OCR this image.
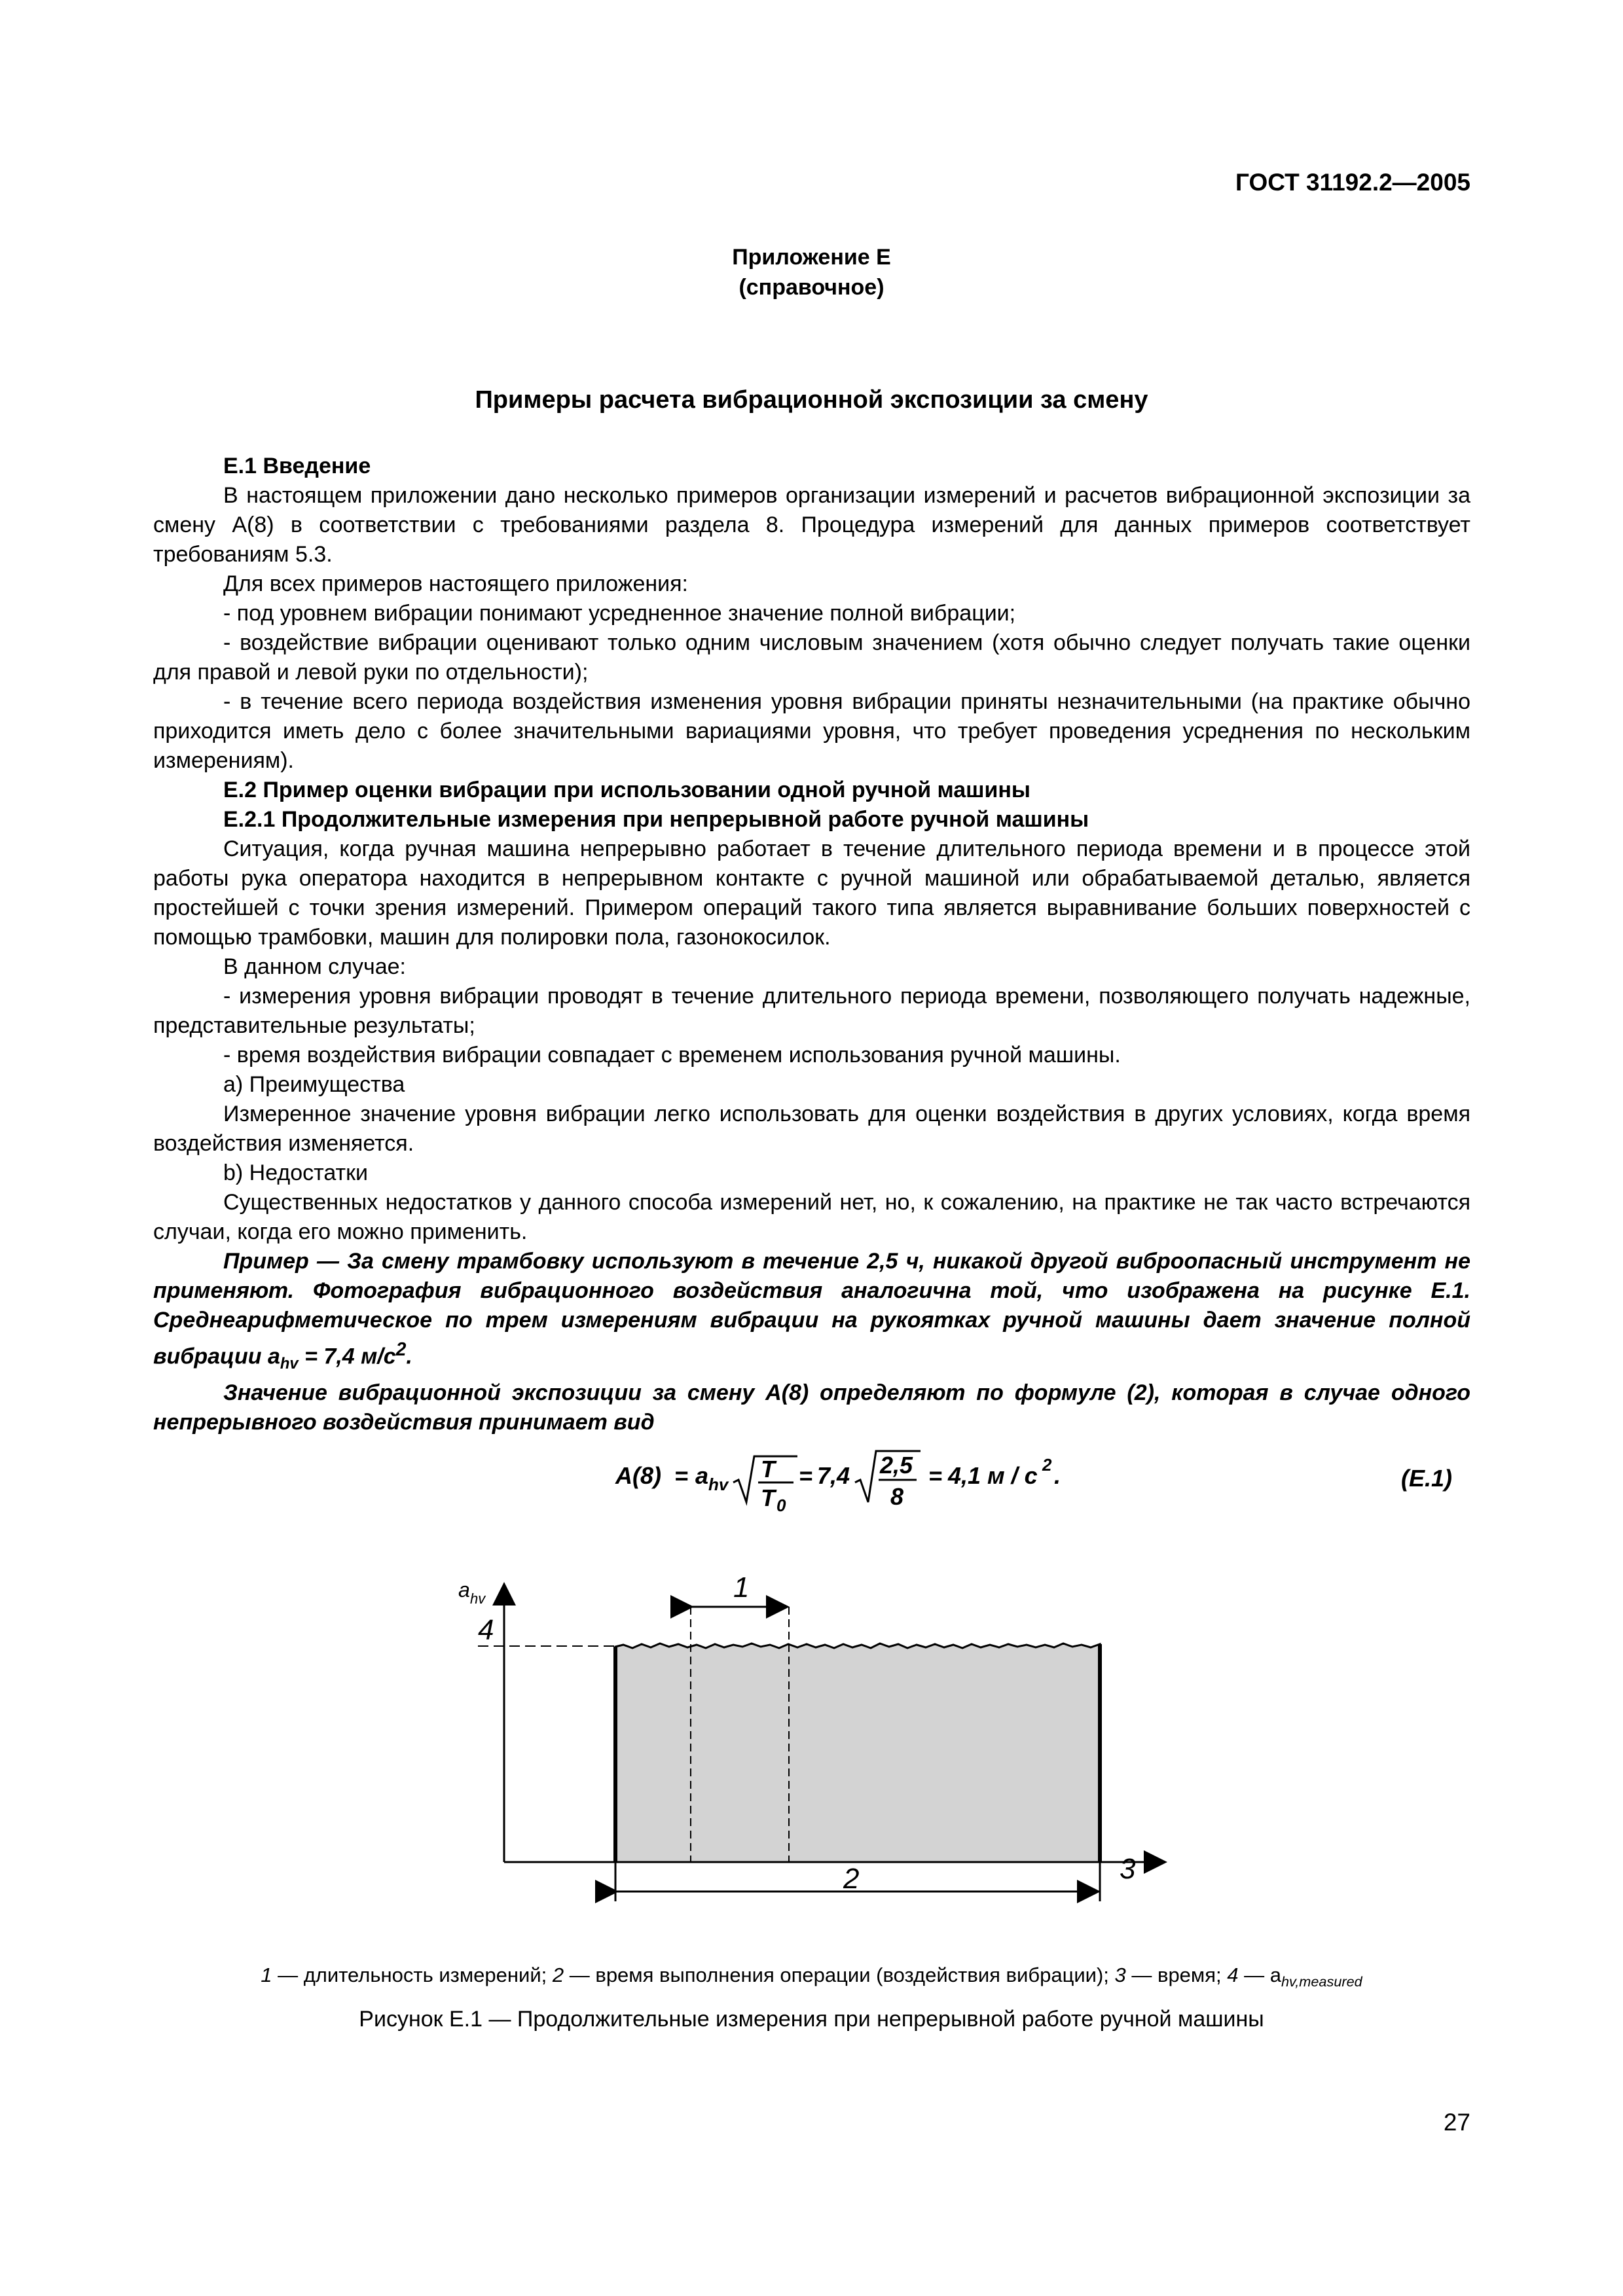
ГОСТ 31192.2—2005
Приложение Е
(справочное)
Примеры расчета вибрационной экспозиции за смену

Е.1 Введение

В настоящем приложении дано несколько примеров организации измерений и расчетов вибрационной экспозиции за смену A(8) в соответствии с требованиями раздела 8. Процедура измерений для данных примеров соответствует требованиям 5.3.

Для всех примеров настоящего приложения:

- под уровнем вибрации понимают усредненное значение полной вибрации;

- воздействие вибрации оценивают только одним числовым значением (хотя обычно следует получать такие оценки для правой и левой руки по отдельности);

- в течение всего периода воздействия изменения уровня вибрации приняты незначительными (на практике обычно приходится иметь дело с более значительными вариациями уровня, что требует проведения усреднения по нескольким измерениям).

Е.2 Пример оценки вибрации при использовании одной ручной машины

Е.2.1 Продолжительные измерения при непрерывной работе ручной машины

Ситуация, когда ручная машина непрерывно работает в течение длительного периода времени и в процессе этой работы рука оператора находится в непрерывном контакте с ручной машиной или обрабатываемой деталью, является простейшей с точки зрения измерений. Примером операций такого типа является выравнивание больших поверхностей с помощью трамбовки, машин для полировки пола, газонокосилок.

В данном случае:

- измерения уровня вибрации проводят в течение длительного периода времени, позволяющего получать надежные, представительные результаты;

- время воздействия вибрации совпадает с временем использования ручной машины.

a) Преимущества

Измеренное значение уровня вибрации легко использовать для оценки воздействия в других условиях, когда время воздействия изменяется.

b) Недостатки

Существенных недостатков у данного способа измерений нет, но, к сожалению, на практике не так часто встречаются случаи, когда его можно применить.

Пример — За смену трамбовку используют в течение 2,5 ч, никакой другой виброопасный инструмент не применяют. Фотография вибрационного воздействия аналогична той, что изображена на рисунке Е.1. Среднеарифметическое по трем измерениям вибрации на рукоятках ручной машины дает значение полной вибрации $a_{hv} = 7,4$ $м/с^2$.

Значение вибрационной экспозиции за смену A(8) определяют по формуле (2), которая в случае одного непрерывного воздействия принимает вид

A(8) = a hv
T
T 0
= 7,4 2,5
8
= 4,1 м / с 2 .	(Е.1)
a hv
4
1
2	3
1 — длительность измерений; 2 — время выполнения операции (воздействия вибрации); 3 — время; 4 — $a_{hv,measured}$
Рисунок Е.1 — Продолжительные измерения при непрерывной работе ручной машины
27
